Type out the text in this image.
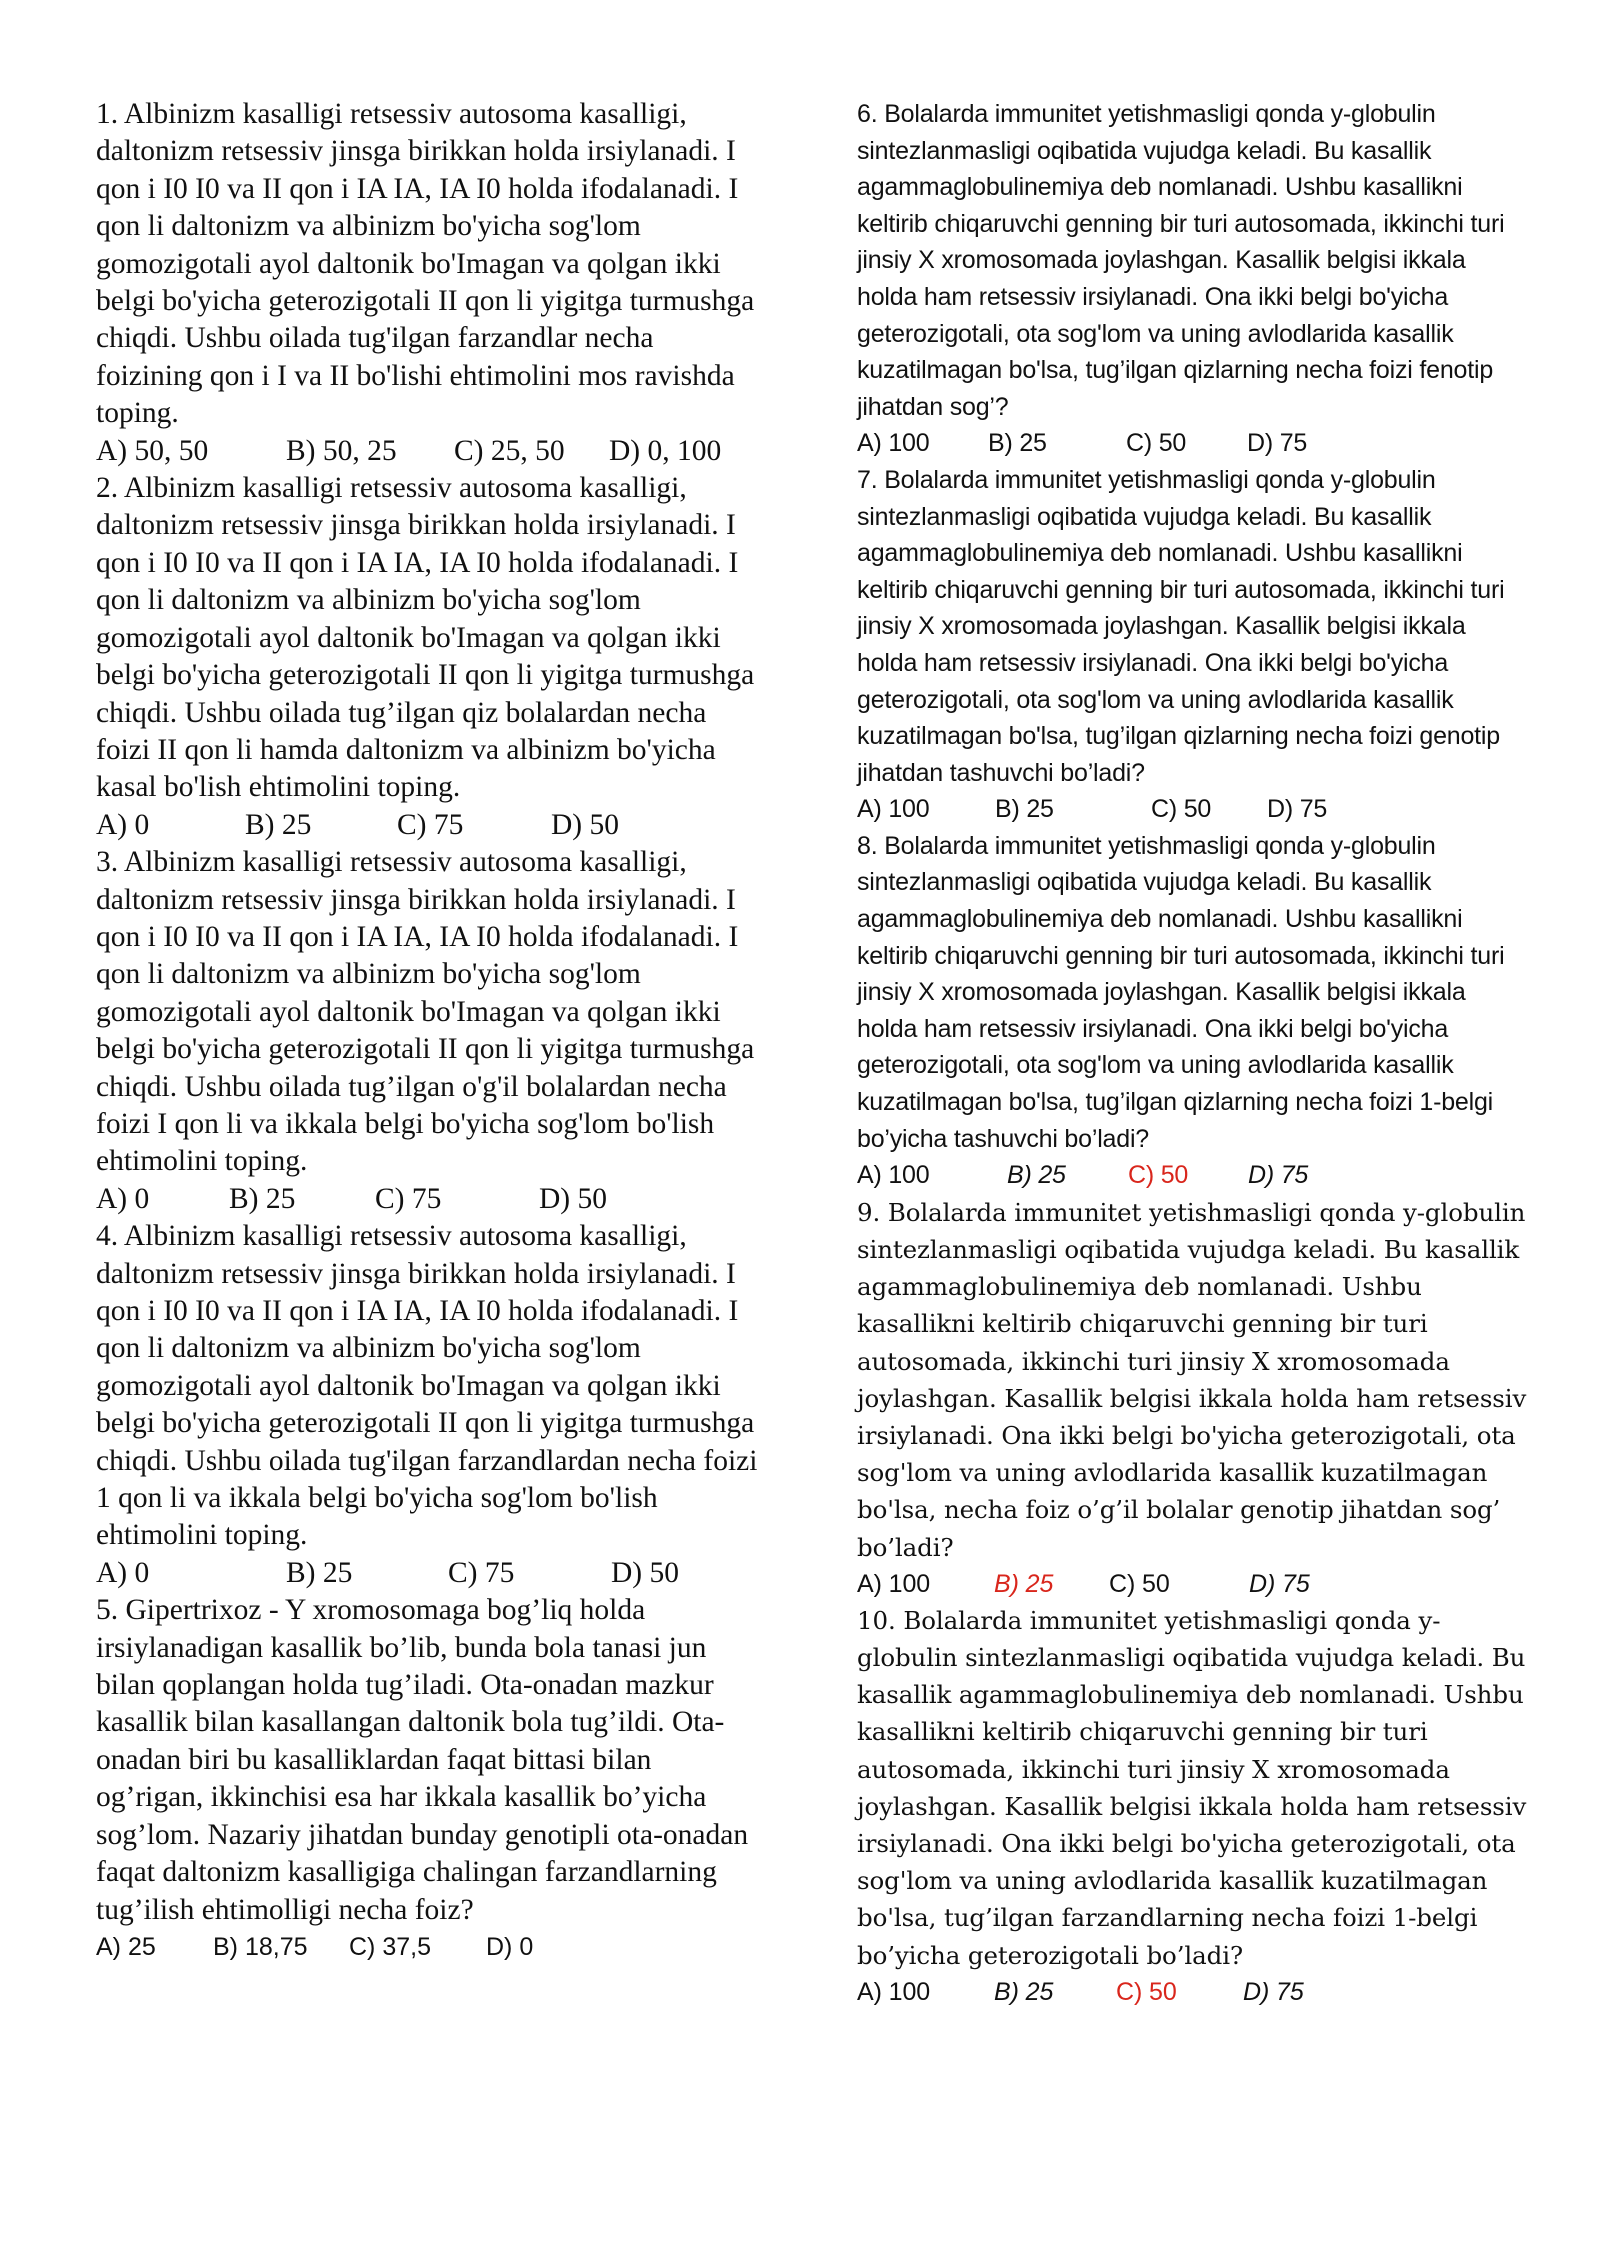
1. Albinizm kasalligi retsessiv autosoma kasalligi, daltonizm retsessiv jinsga birikkan holda irsiylanadi. I qon i I0 I0 va II qon i IA IA, IA I0 holda ifodalanadi. I qon li daltonizm va albinizm bo'yicha sog'lom gomozigotali ayol daltonik bo'Imagan va qolgan ikki belgi bo'yicha geterozigotali II qon li yigitga turmushga chiqdi. Ushbu oilada tug'ilgan farzandlar necha foizining qon i I va II bo'lishi ehtimolini mos ravishda toping.

A) 50, 50	B) 50, 25 C) 25, 50 D) 0, 100

2. Albinizm kasalligi retsessiv autosoma kasalligi, daltonizm retsessiv jinsga birikkan holda irsiylanadi. I qon i I0 I0 va II qon i IA IA, IA I0 holda ifodalanadi. I qon li daltonizm va albinizm bo'yicha sog'lom gomozigotali ayol daltonik bo'Imagan va qolgan ikki belgi bo'yicha geterozigotali II qon li yigitga turmushga chiqdi. Ushbu oilada tug’ilgan qiz bolalardan necha foizi II qon li hamda daltonizm va albinizm bo'yicha kasal bo'lish ehtimolini toping.

A) 0	B) 25	C) 75	D) 50

3. Albinizm kasalligi retsessiv autosoma kasalligi, daltonizm retsessiv jinsga birikkan holda irsiylanadi. I qon i I0 I0 va II qon i IA IA, IA I0 holda ifodalanadi. I qon li daltonizm va albinizm bo'yicha sog'lom gomozigotali ayol daltonik bo'Imagan va qolgan ikki belgi bo'yicha geterozigotali II qon li yigitga turmushga chiqdi. Ushbu oilada tug’ilgan o'g'il bolalardan necha foizi I qon li va ikkala belgi bo'yicha sog'lom bo'lish ehtimolini toping.

A) 0	B) 25	C) 75	D) 50

4. Albinizm kasalligi retsessiv autosoma kasalligi, daltonizm retsessiv jinsga birikkan holda irsiylanadi. I qon i I0 I0 va II qon i IA IA, IA I0 holda ifodalanadi. I qon li daltonizm va albinizm bo'yicha sog'lom gomozigotali ayol daltonik bo'Imagan va qolgan ikki belgi bo'yicha geterozigotali II qon li yigitga turmushga chiqdi. Ushbu oilada tug'ilgan farzandlardan necha foizi 1 qon li va ikkala belgi bo'yicha sog'lom bo'lish ehtimolini toping.

A) 0	B) 25	C) 75	D) 50

5. Gipertrixoz - Y xromosomaga bog’liq holda irsiylanadigan kasallik bo’lib, bunda bola tanasi jun bilan qoplangan holda tug’iladi. Ota-onadan mazkur kasallik bilan kasallangan daltonik bola tug’ildi. Ota-onadan biri bu kasalliklardan faqat bittasi bilan og’rigan, ikkinchisi esa har ikkala kasallik bo’yicha sog’lom. Nazariy jihatdan bunday genotipli ota-onadan faqat daltonizm kasalligiga chalingan farzandlarning tug’ilish ehtimolligi necha foiz?

A) 25 B) 18,75 C) 37,5 D) 0

6. Bolalarda immunitet yetishmasligi qonda y-globulin sintezlanmasligi oqibatida vujudga keladi. Bu kasallik agammaglobulinemiya deb nomlanadi. Ushbu kasallikni keltirib chiqaruvchi genning bir turi autosomada, ikkinchi turi jinsiy X xromosomada joylashgan. Kasallik belgisi ikkala holda ham retsessiv irsiylanadi. Ona ikki belgi bo'yicha geterozigotali, ota sog'lom va uning avlodlarida kasallik kuzatilmagan bo'lsa, tug’ilgan qizlarning necha foizi fenotip jihatdan sog’?

A) 100 B) 25	C) 50 D) 75

7. Bolalarda immunitet yetishmasligi qonda y-globulin sintezlanmasligi oqibatida vujudga keladi. Bu kasallik agammaglobulinemiya deb nomlanadi. Ushbu kasallikni keltirib chiqaruvchi genning bir turi autosomada, ikkinchi turi jinsiy X xromosomada joylashgan. Kasallik belgisi ikkala holda ham retsessiv irsiylanadi. Ona ikki belgi bo'yicha geterozigotali, ota sog'lom va uning avlodlarida kasallik kuzatilmagan bo'lsa, tug’ilgan qizlarning necha foizi genotip jihatdan tashuvchi bo’ladi?

A) 100	B) 25	C) 50 D) 75

8. Bolalarda immunitet yetishmasligi qonda y-globulin sintezlanmasligi oqibatida vujudga keladi. Bu kasallik agammaglobulinemiya deb nomlanadi. Ushbu kasallikni keltirib chiqaruvchi genning bir turi autosomada, ikkinchi turi jinsiy X xromosomada joylashgan. Kasallik belgisi ikkala holda ham retsessiv irsiylanadi. Ona ikki belgi bo'yicha geterozigotali, ota sog'lom va uning avlodlarida kasallik kuzatilmagan bo'lsa, tug’ilgan qizlarning necha foizi 1-belgi bo’yicha tashuvchi bo’ladi?

A) 100	B) 25 C) 50 D) 75

9. Bolalarda immunitet yetishmasligi qonda y-globulin sintezlanmasligi oqibatida vujudga keladi. Bu kasallik agammaglobulinemiya deb nomlanadi. Ushbu kasallikni keltirib chiqaruvchi genning bir turi autosomada, ikkinchi turi jinsiy X xromosomada joylashgan. Kasallik belgisi ikkala holda ham retsessiv irsiylanadi. Ona ikki belgi bo'yicha geterozigotali, ota sog'lom va uning avlodlarida kasallik kuzatilmagan bo'lsa, necha foiz o’g’il bolalar genotip jihatdan sog’ bo’ladi?

A) 100	B) 25 C) 50	D) 75

10. Bolalarda immunitet yetishmasligi qonda y-globulin sintezlanmasligi oqibatida vujudga keladi. Bu kasallik agammaglobulinemiya deb nomlanadi. Ushbu kasallikni keltirib chiqaruvchi genning bir turi autosomada, ikkinchi turi jinsiy X xromosomada joylashgan. Kasallik belgisi ikkala holda ham retsessiv irsiylanadi. Ona ikki belgi bo'yicha geterozigotali, ota sog'lom va uning avlodlarida kasallik kuzatilmagan bo'lsa, tug’ilgan farzandlarning necha foizi 1-belgi bo’yicha geterozigotali bo’ladi?

A) 100	B) 25	C) 50	D) 75
